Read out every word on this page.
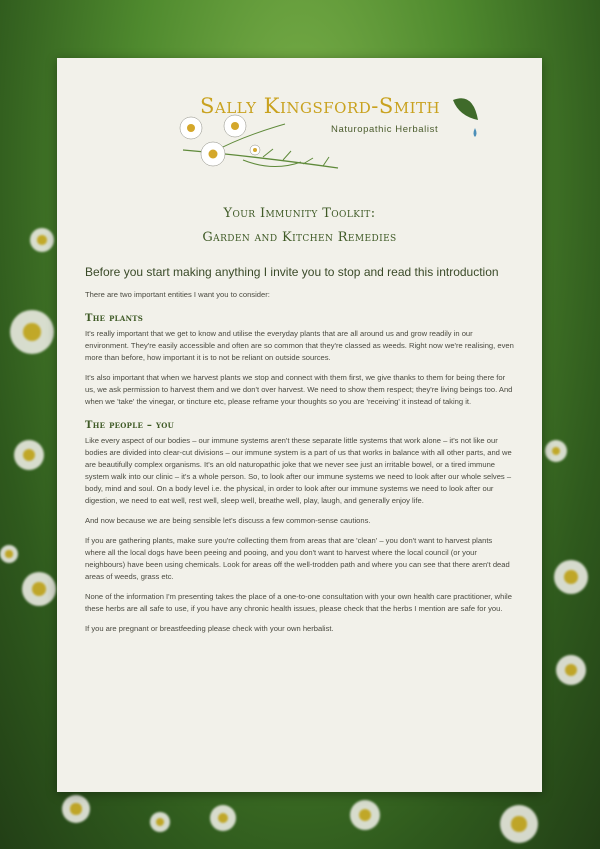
Sally Kingsford-Smith
Naturopathic Herbalist
Your Immunity Toolkit:
Garden and Kitchen Remedies
Before you start making anything I invite you to stop and read this introduction

There are two important entities I want you to consider:

The plants

It's really important that we get to know and utilise the everyday plants that are all around us and grow readily in our environment. They're easily accessible and often are so common that they're classed as weeds. Right now we're realising, even more than before, how important it is to not be reliant on outside sources.

It's also important that when we harvest plants we stop and connect with them first, we give thanks to them for being there for us, we ask permission to harvest them and we don't over harvest. We need to show them respect; they're living beings too. And when we 'take' the vinegar, or tincture etc, please reframe your thoughts so you are 'receiving' it instead of taking it.

The people – you

Like every aspect of our bodies – our immune systems aren't these separate little systems that work alone – it's not like our bodies are divided into clear-cut divisions – our immune system is a part of us that works in balance with all other parts, and we are beautifully complex organisms. It's an old naturopathic joke that we never see just an irritable bowel, or a tired immune system walk into our clinic – it's a whole person. So, to look after our immune systems we need to look after our whole selves – body, mind and soul. On a body level i.e. the physical, in order to look after our immune systems we need to look after our digestion, we need to eat well, rest well, sleep well, breathe well, play, laugh, and generally enjoy life.

And now because we are being sensible let's discuss a few common-sense cautions.

If you are gathering plants, make sure you're collecting them from areas that are 'clean' – you don't want to harvest plants where all the local dogs have been peeing and pooing, and you don't want to harvest where the local council (or your neighbours) have been using chemicals. Look for areas off the well-trodden path and where you can see that there aren't dead areas of weeds, grass etc.

None of the information I'm presenting takes the place of a one-to-one consultation with your own health care practitioner, while these herbs are all safe to use, if you have any chronic health issues, please check that the herbs I mention are safe for you.

If you are pregnant or breastfeeding please check with your own herbalist.
